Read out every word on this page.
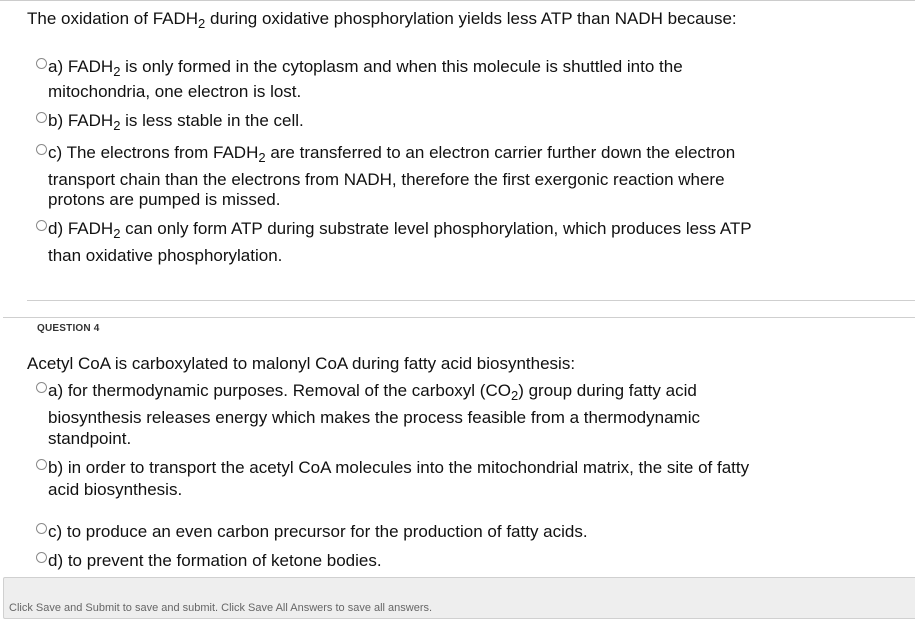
The oxidation of $FADH_2$ during oxidative phosphorylation yields less ATP than NADH because:
a) $FADH_2$ is only formed in the cytoplasm and when this molecule is shuttled into the
mitochondria, one electron is lost.
b) $FADH_2$ is less stable in the cell.
c) The electrons from $FADH_2$ are transferred to an electron carrier further down the electron
transport chain than the electrons from NADH, therefore the first exergonic reaction where
protons are pumped is missed.
d) $FADH_2$ can only form ATP during substrate level phosphorylation, which produces less ATP
than oxidative phosphorylation.
QUESTION 4
Acetyl CoA is carboxylated to malonyl CoA during fatty acid biosynthesis:
a) for thermodynamic purposes. Removal of the carboxyl $(CO_2)$ group during fatty acid
biosynthesis releases energy which makes the process feasible from a thermodynamic
standpoint.
b) in order to transport the acetyl CoA molecules into the mitochondrial matrix, the site of fatty
acid biosynthesis.
c) to produce an even carbon precursor for the production of fatty acids.
d) to prevent the formation of ketone bodies.
Click Save and Submit to save and submit. Click Save All Answers to save all answers.
